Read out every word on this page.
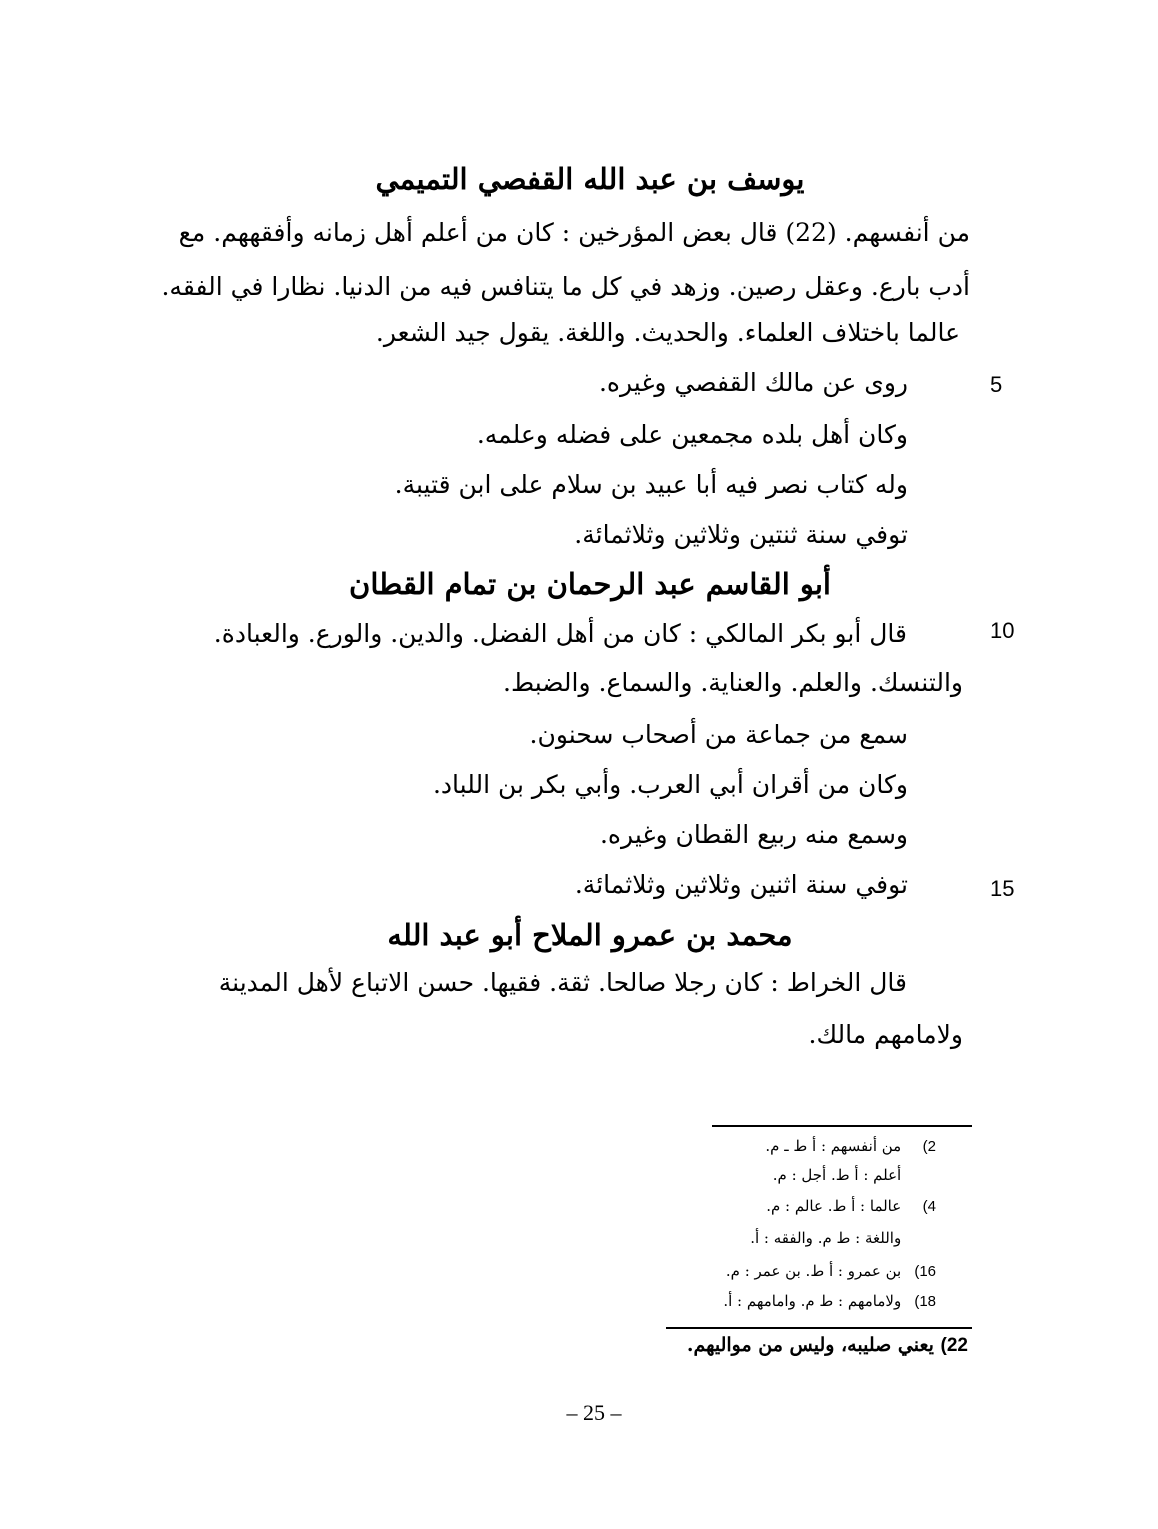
يوسف بن عبد الله القفصي التميمي
من أنفسهم. (22) قال بعض المؤرخين : كان من أعلم أهل زمانه وأفقههم. مع
أدب بارع. وعقل رصين. وزهد في كل ما يتنافس فيه من الدنيا. نظارا في الفقه.
عالما باختلاف العلماء. والحديث. واللغة. يقول جيد الشعر.
روى عن مالك القفصي وغيره.	5
وكان أهل بلده مجمعين على فضله وعلمه.
وله كتاب نصر فيه أبا عبيد بن سلام على ابن قتيبة.
توفي سنة ثنتين وثلاثين وثلاثمائة.
أبو القاسم عبد الرحمان بن تمام القطان
قال أبو بكر المالكي : كان من أهل الفضل. والدين. والورع. والعبادة.	10
والتنسك. والعلم. والعناية. والسماع. والضبط.
سمع من جماعة من أصحاب سحنون.
وكان من أقران أبي العرب. وأبي بكر بن اللباد.
وسمع منه ربيع القطان وغيره.
توفي سنة اثنين وثلاثين وثلاثمائة.	15
محمد بن عمرو الملاح أبو عبد الله
قال الخراط : كان رجلا صالحا. ثقة. فقيها. حسن الاتباع لأهل المدينة
ولامامهم مالك.
2) من أنفسهم : أ ط ـ م.
أعلم : أ ط. أجل : م.
4) عالما : أ ط. عالم : م.
واللغة : ط م. والفقه : أ.
16) بن عمرو : أ ط. بن عمر : م.
18) ولامامهم : ط م. وامامهم : أ.
22) يعني صليبه، وليس من مواليهم.
– 25 –
